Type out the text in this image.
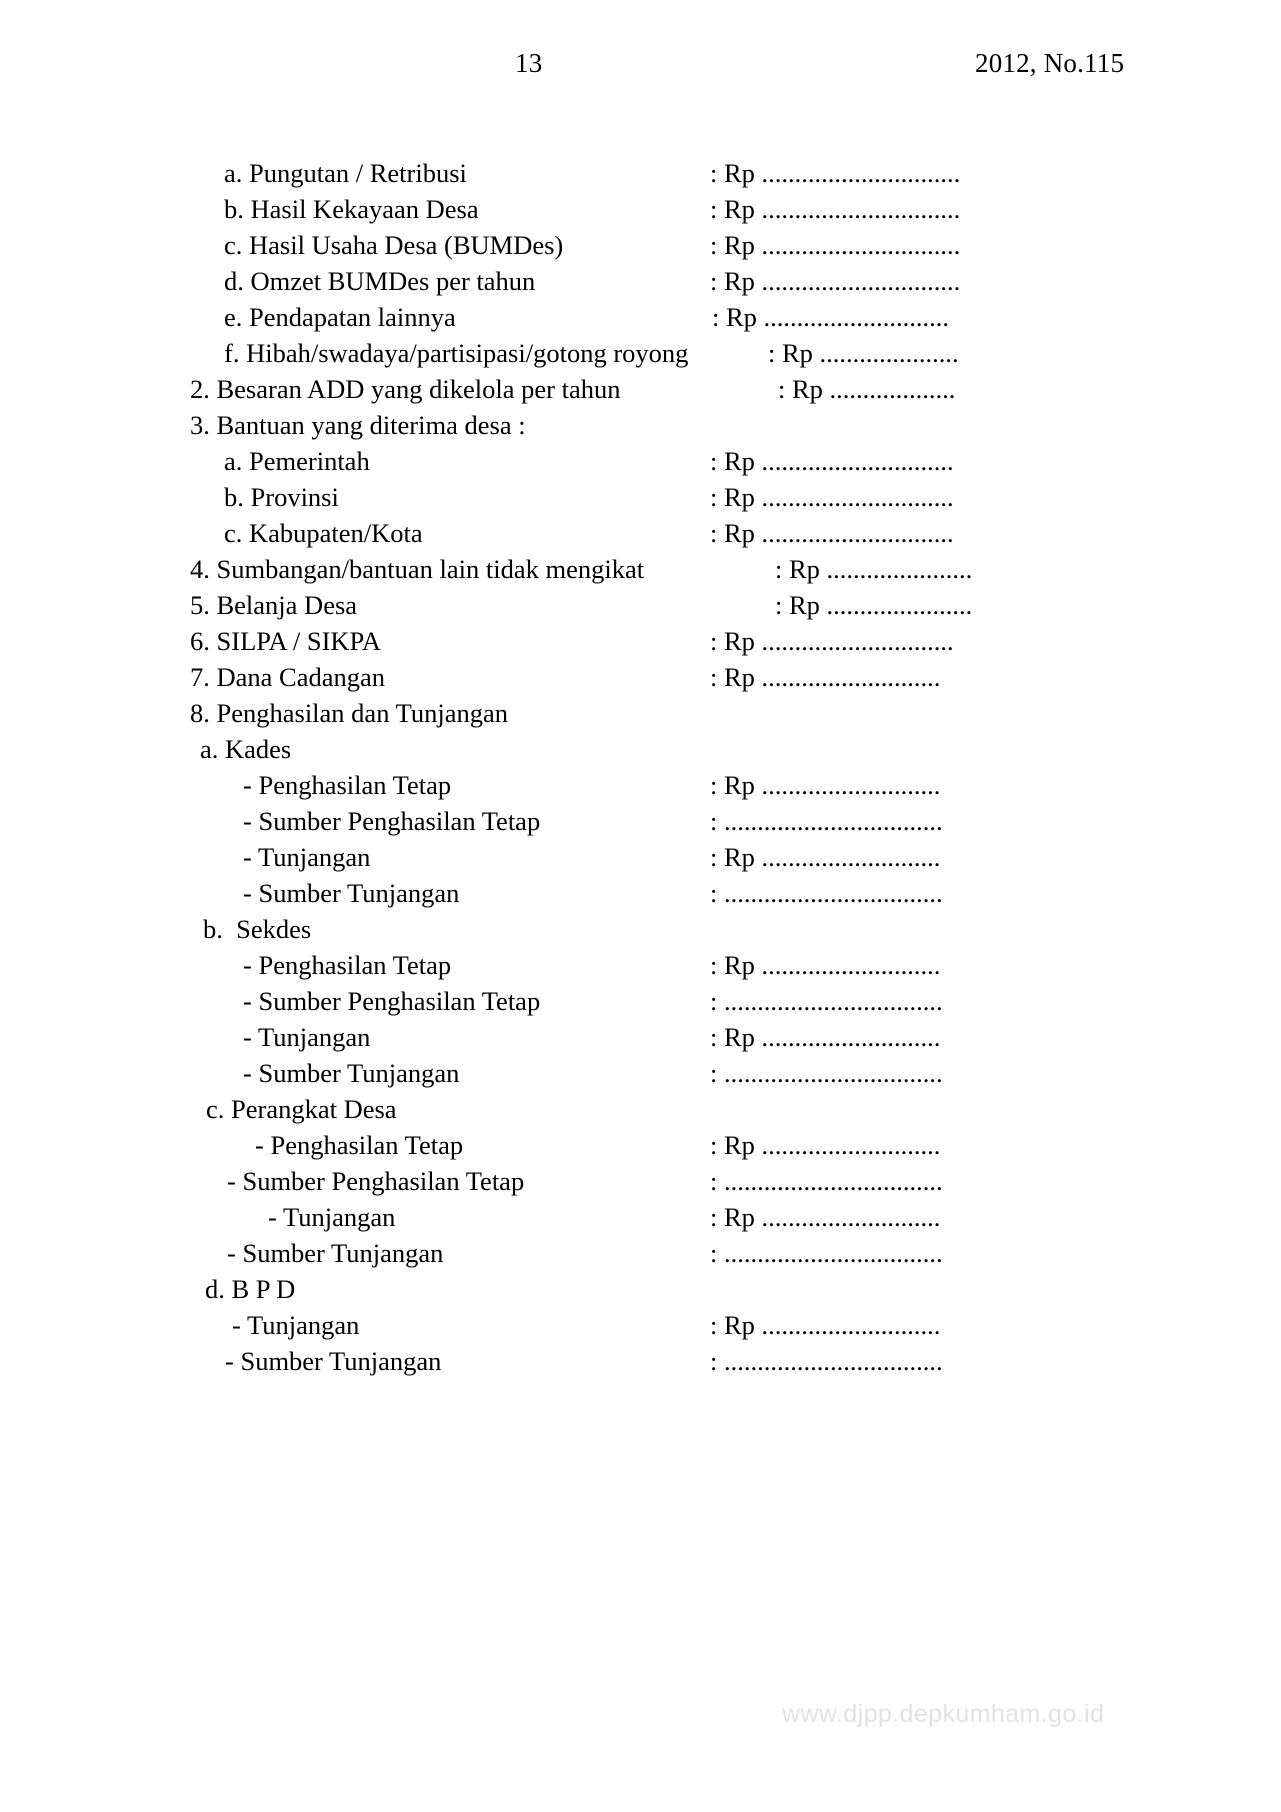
13	2012, No.115
a. Pungutan / Retribusi	: Rp ..............................
b. Hasil Kekayaan Desa	: Rp ..............................
c. Hasil Usaha Desa (BUMDes)	: Rp ..............................
d. Omzet BUMDes per tahun	: Rp ..............................
e. Pendapatan lainnya	: Rp ............................
f. Hibah/swadaya/partisipasi/gotong royong	: Rp .....................
2. Besaran ADD yang dikelola per tahun	: Rp ...................
3. Bantuan yang diterima desa :
a. Pemerintah	: Rp .............................
b. Provinsi	: Rp .............................
c. Kabupaten/Kota	: Rp .............................
4. Sumbangan/bantuan lain tidak mengikat	: Rp ......................
5. Belanja Desa	: Rp ......................
6. SILPA / SIKPA	: Rp .............................
7. Dana Cadangan	: Rp ...........................
8. Penghasilan dan Tunjangan
a. Kades
- Penghasilan Tetap	: Rp ...........................
- Sumber Penghasilan Tetap	: .................................
- Tunjangan	: Rp ...........................
- Sumber Tunjangan	: .................................
b.  Sekdes
- Penghasilan Tetap	: Rp ...........................
- Sumber Penghasilan Tetap	: .................................
- Tunjangan	: Rp ...........................
- Sumber Tunjangan	: .................................
c. Perangkat Desa
- Penghasilan Tetap	: Rp ...........................
- Sumber Penghasilan Tetap	: .................................
- Tunjangan	: Rp ...........................
- Sumber Tunjangan	: .................................
d. B P D
- Tunjangan	: Rp ...........................
- Sumber Tunjangan	: .................................
www.djpp.depkumham.go.id
